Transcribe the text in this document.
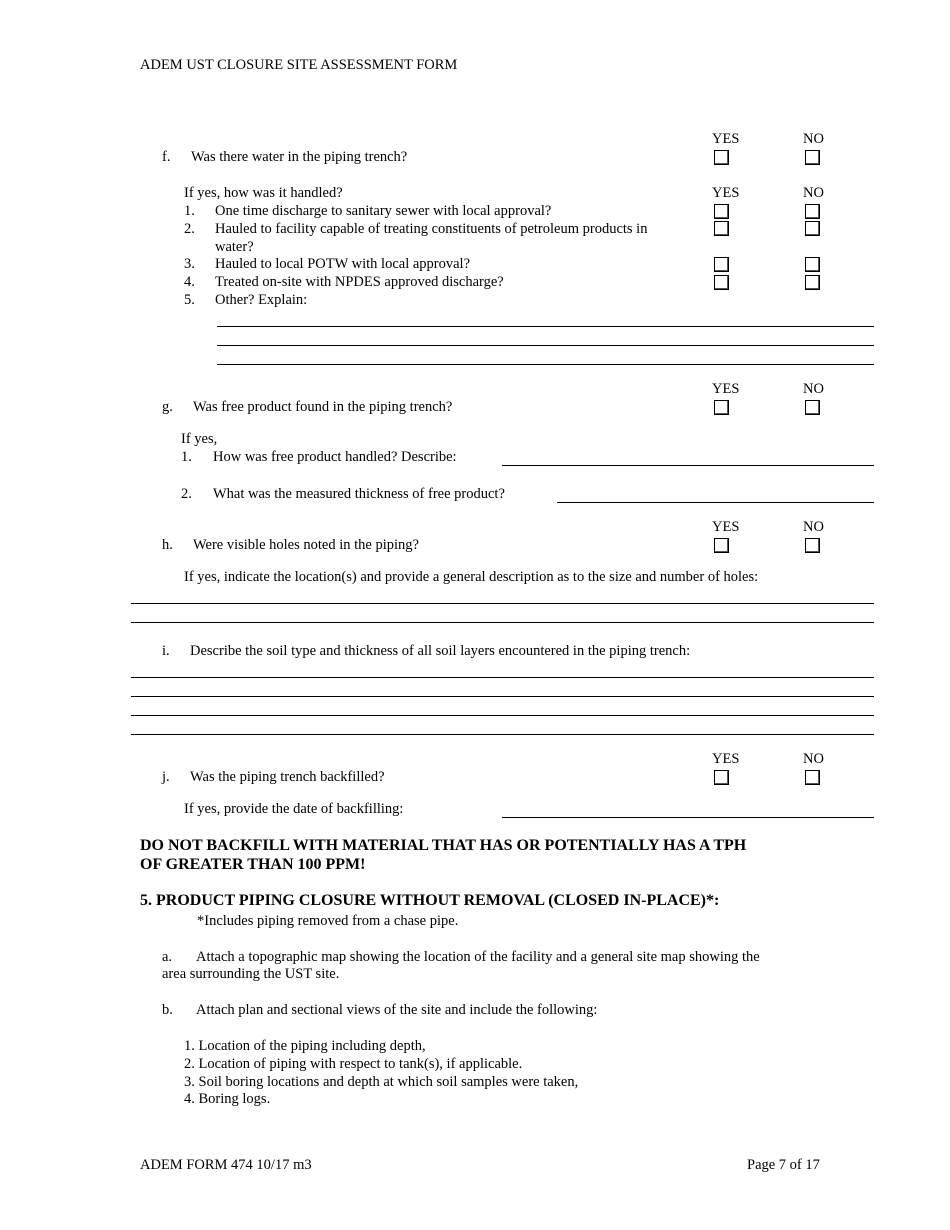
ADEM UST CLOSURE SITE ASSESSMENT FORM
YES	NO
f. Was there water in the piping trench?
If yes, how was it handled?	YES	NO
1. One time discharge to sanitary sewer with local approval?
2. Hauled to facility capable of treating constituents of petroleum products in
water?
3. Hauled to local POTW with local approval?
4. Treated on-site with NPDES approved discharge?
5. Other? Explain:
YES	NO
g. Was free product found in the piping trench?
If yes,
1. How was free product handled? Describe:
2. What was the measured thickness of free product?
YES	NO
h. Were visible holes noted in the piping?
If yes, indicate the location(s) and provide a general description as to the size and number of holes:
i. Describe the soil type and thickness of all soil layers encountered in the piping trench:
YES	NO
j. Was the piping trench backfilled?
If yes, provide the date of backfilling:
DO NOT BACKFILL WITH MATERIAL THAT HAS OR POTENTIALLY HAS A TPH
OF GREATER THAN 100 PPM!
5. PRODUCT PIPING CLOSURE WITHOUT REMOVAL (CLOSED IN-PLACE)*:
*Includes piping removed from a chase pipe.
a. Attach a topographic map showing the location of the facility and a general site map showing the
area surrounding the UST site.
b. Attach plan and sectional views of the site and include the following:
1. Location of the piping including depth,
2. Location of piping with respect to tank(s), if applicable.
3. Soil boring locations and depth at which soil samples were taken,
4. Boring logs.
ADEM FORM 474 10/17 m3	Page 7 of 17
